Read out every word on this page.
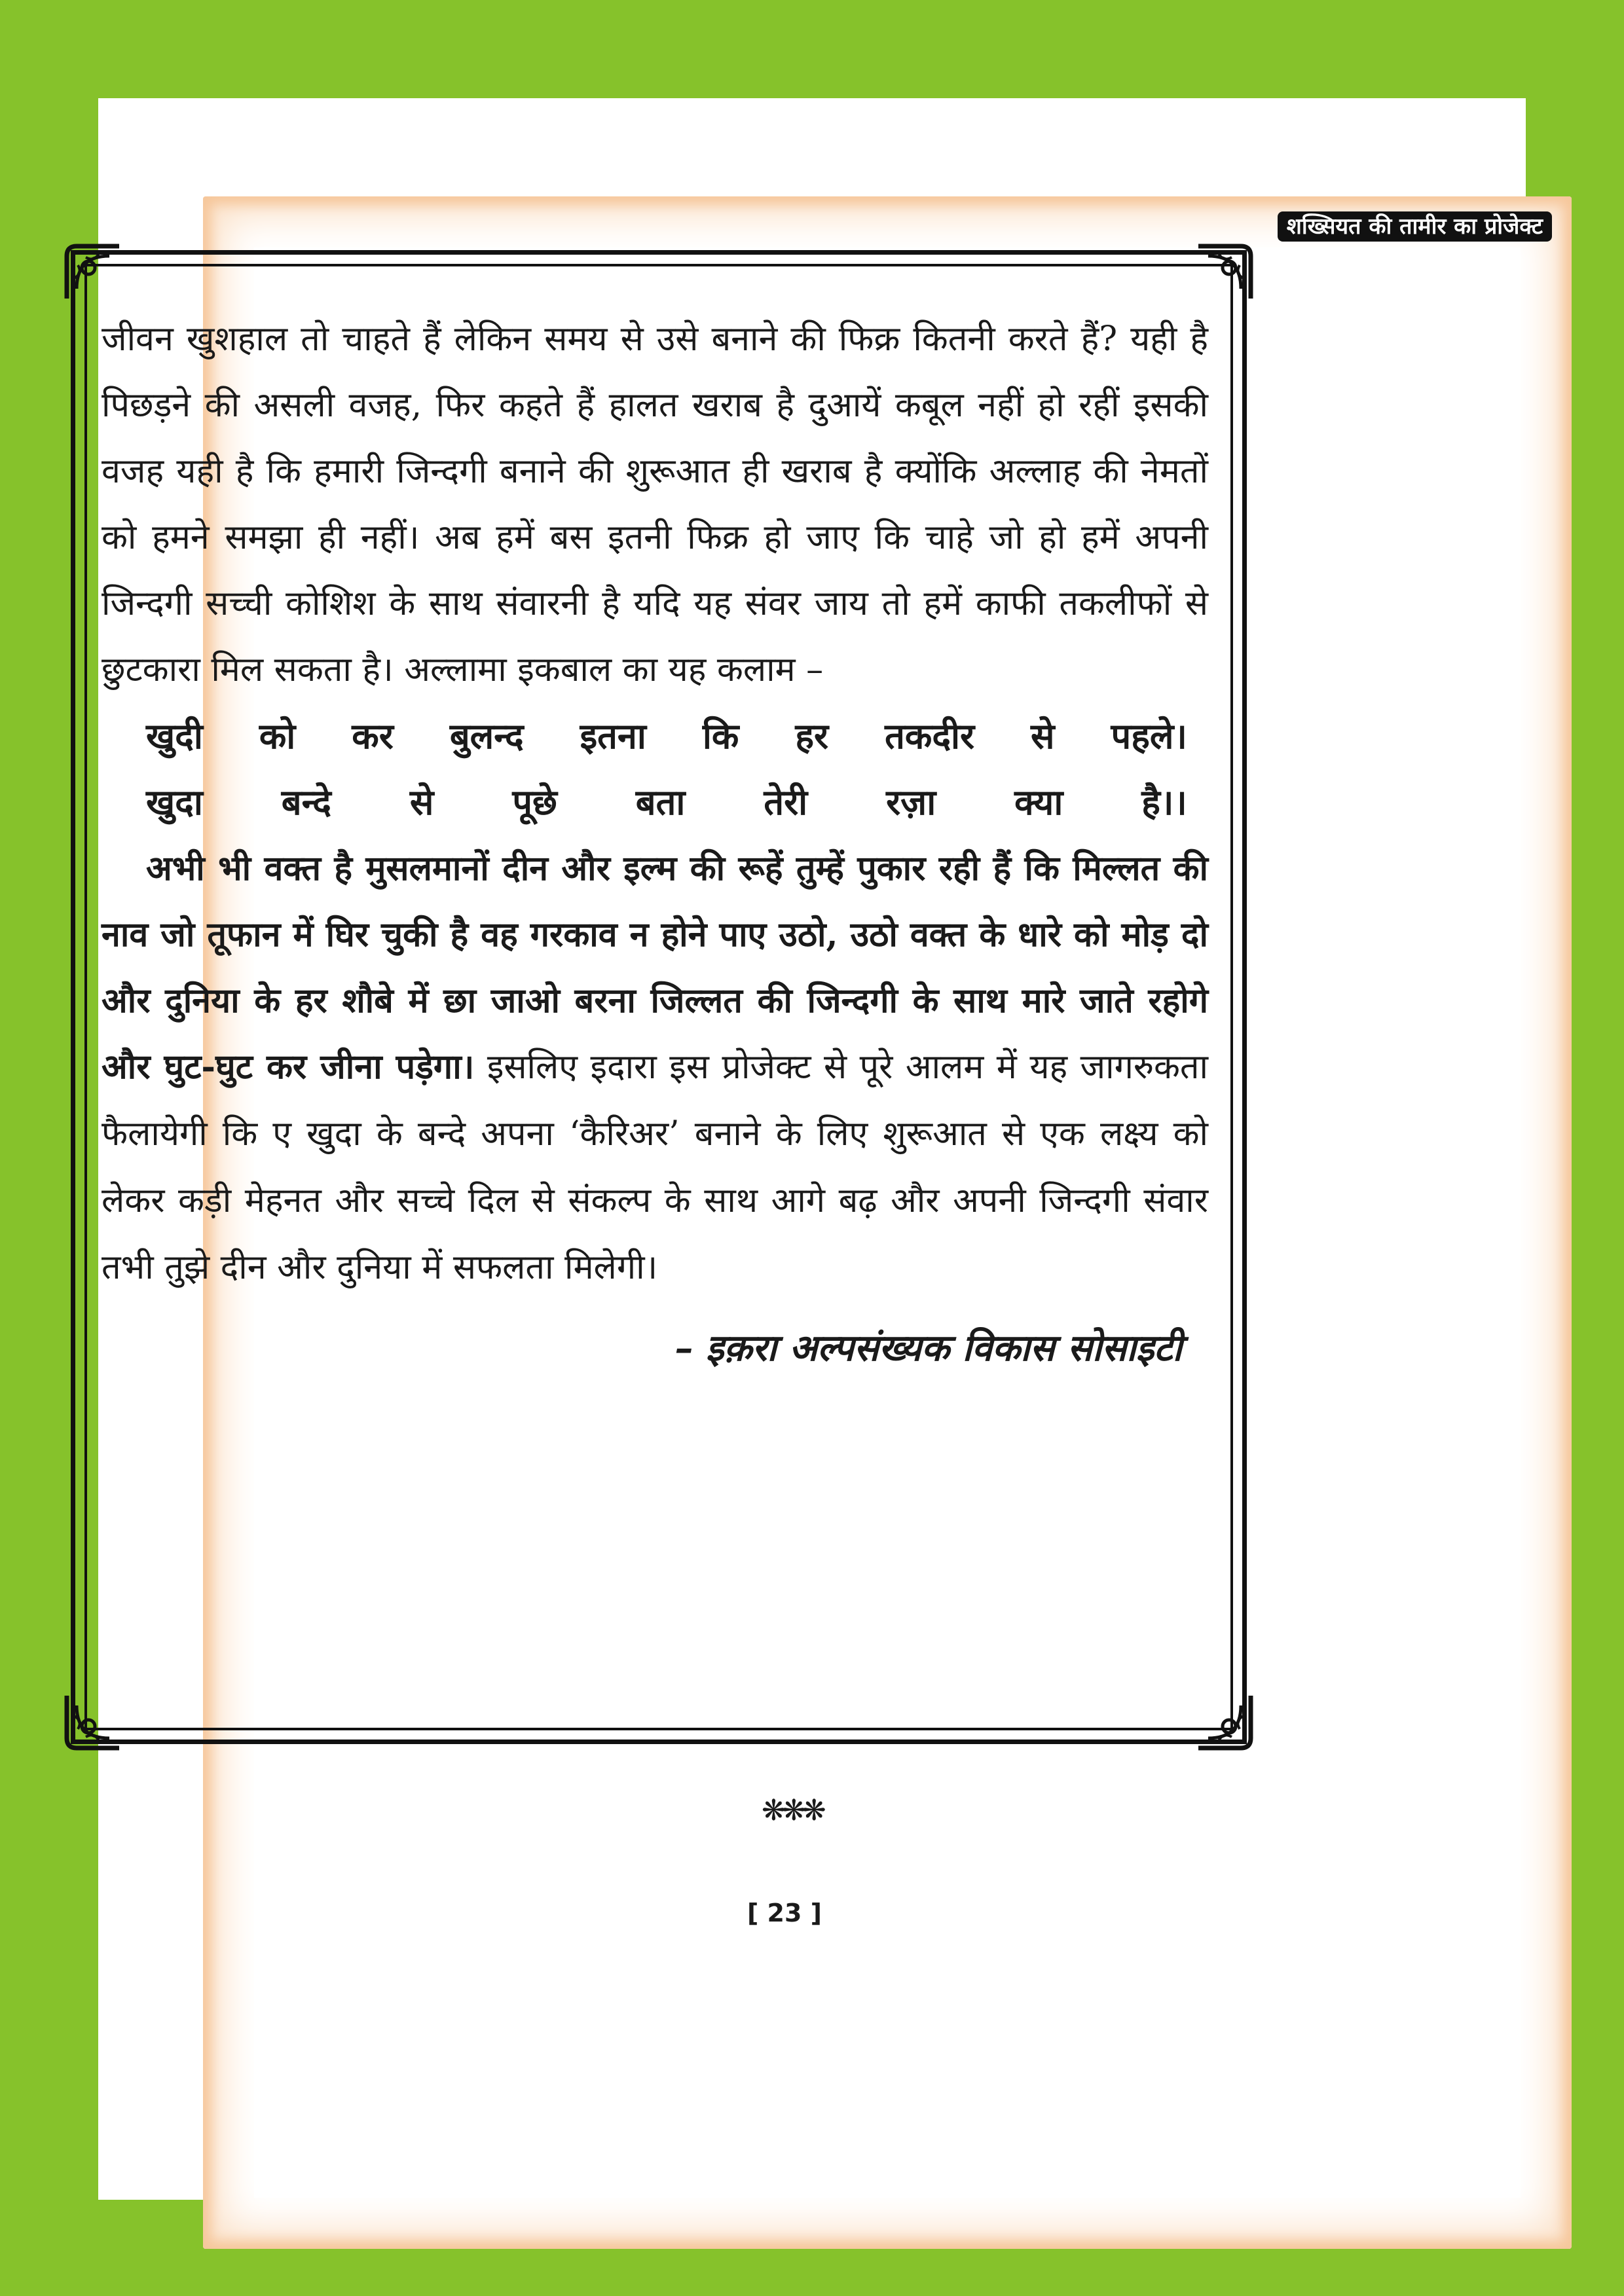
शख्सियत की तामीर का प्रोजेक्ट

जीवन खुशहाल तो चाहते हैं लेकिन समय से उसे बनाने की फिक्र कितनी करते हैं? यही है पिछड़ने की असली वजह, फिर कहते हैं हालत खराब है दुआयें कबूल नहीं हो रहीं इसकी वजह यही है कि हमारी जिन्दगी बनाने की शुरूआत ही खराब है क्योंकि अल्लाह की नेमतों को हमने समझा ही नहीं। अब हमें बस इतनी फिक्र हो जाए कि चाहे जो हो हमें अपनी जिन्दगी सच्ची कोशिश के साथ संवारनी है यदि यह संवर जाय तो हमें काफी तकलीफों से छुटकारा मिल सकता है। अल्लामा इकबाल का यह कलाम –

खुदी को कर बुलन्द इतना कि हर तकदीर से पहले।
खुदा बन्दे से पूछे बता तेरी रज़ा क्या है।।

अभी भी वक्त है मुसलमानों दीन और इल्म की रूहें तुम्हें पुकार रही हैं कि मिल्लत की नाव जो तूफान में घिर चुकी है वह गरकाव न होने पाए उठो, उठो वक्त के धारे को मोड़ दो और दुनिया के हर शौबे में छा जाओ बरना जिल्लत की जिन्दगी के साथ मारे जाते रहोगे और घुट-घुट कर जीना पड़ेगा। इसलिए इदारा इस प्रोजेक्ट से पूरे आलम में यह जागरुकता फैलायेगी कि ए खुदा के बन्दे अपना ‘कैरिअर’ बनाने के लिए शुरूआत से एक लक्ष्य को लेकर कड़ी मेहनत और सच्चे दिल से संकल्प के साथ आगे बढ़ और अपनी जिन्दगी संवार तभी तुझे दीन और दुनिया में सफलता मिलेगी।

– इक़रा अल्पसंख्यक विकास सोसाइटी
❋❋❋
[ 23 ]
